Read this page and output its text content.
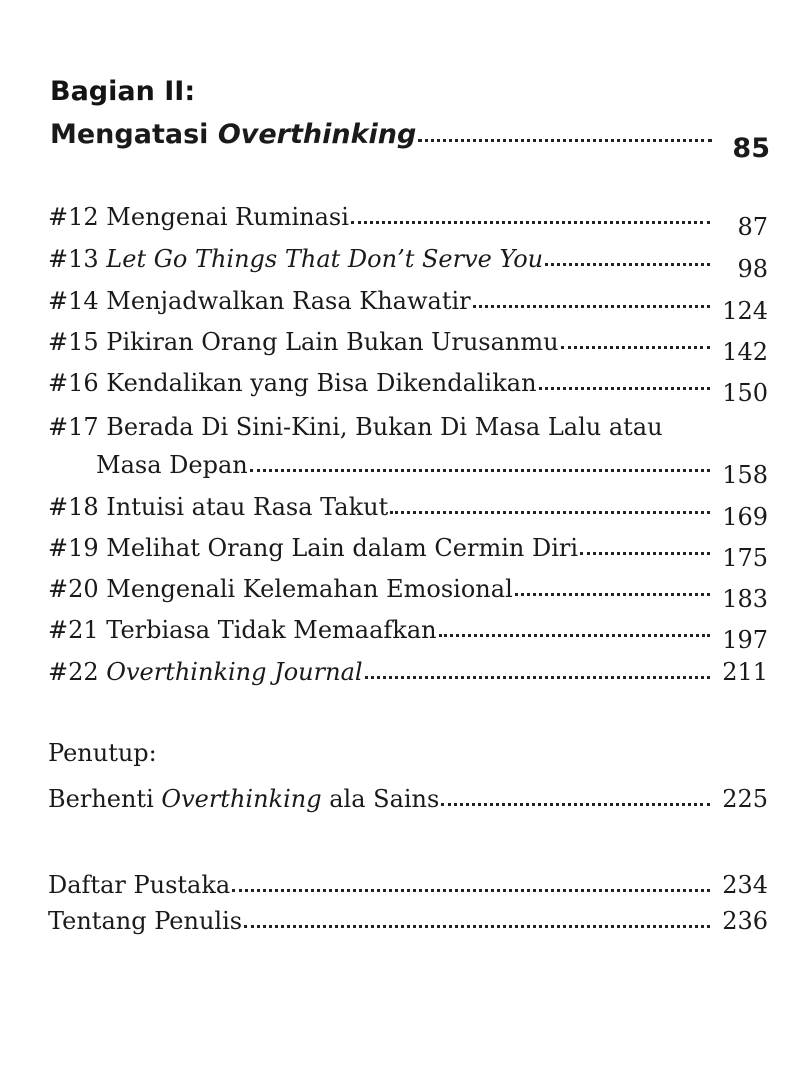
Bagian II:
Mengatasi Overthinking	85
#12 Mengenai Ruminasi	87
#13 Let Go Things That Don’t Serve You	98
#14 Menjadwalkan Rasa Khawatir	124
#15 Pikiran Orang Lain Bukan Urusanmu	142
#16 Kendalikan yang Bisa Dikendalikan	150
#17 Berada Di Sini-Kini, Bukan Di Masa Lalu atau
Masa Depan	158
#18 Intuisi atau Rasa Takut	169
#19 Melihat Orang Lain dalam Cermin Diri	175
#20 Mengenali Kelemahan Emosional	183
#21 Terbiasa Tidak Memaafkan	197
#22 Overthinking Journal	211
Penutup:
Berhenti Overthinking ala Sains	225
Daftar Pustaka	234
Tentang Penulis	236
